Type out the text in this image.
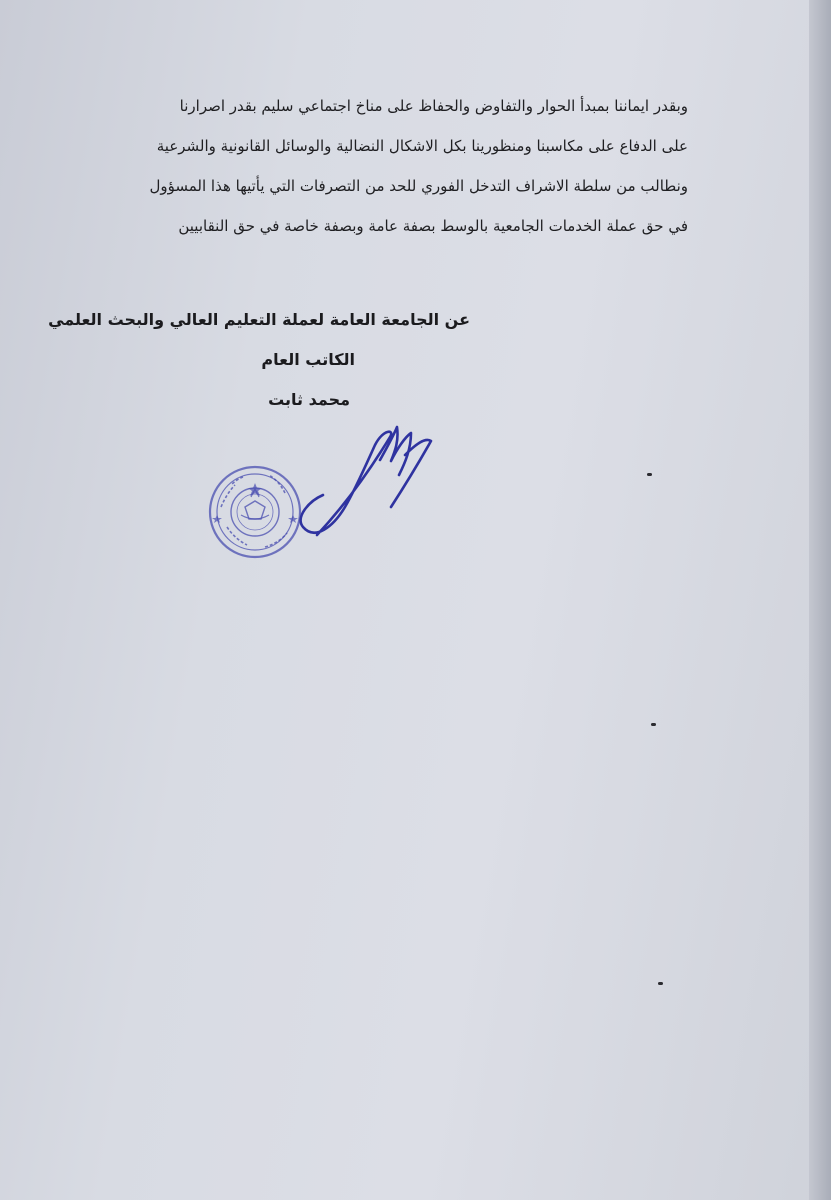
وبقدر ايماننا بمبدأ الحوار والتفاوض والحفاظ على مناخ اجتماعي سليم بقدر اصرارنا
على الدفاع على مكاسبنا ومنظورينا بكل الاشكال النضالية والوسائل القانونية والشرعية
ونطالب من سلطة الاشراف التدخل الفوري للحد من التصرفات التي يأتيها هذا المسؤول
في حق عملة الخدمات الجامعية بالوسط بصفة عامة وبصفة خاصة في حق النقابيين
عن الجامعة العامة لعملة التعليم العالي والبحث العلمي
الكاتب العام
محمد ثابت
